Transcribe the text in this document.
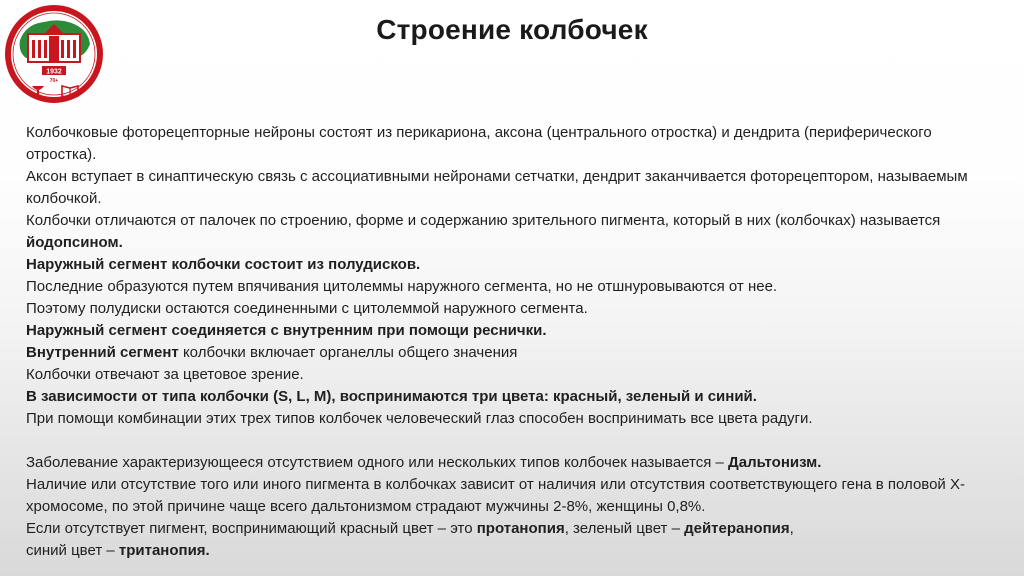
1932
70+
Строение колбочек

Колбочковые фоторецепторные нейроны состоят из перикариона, аксона (центрального отростка) и дендрита (периферического отростка).

Аксон вступает в синаптическую связь с ассоциативными нейронами сетчатки, дендрит заканчивается фоторецептором, называемым колбочкой.

Колбочки отличаются от палочек по строению, форме и содержанию зрительного пигмента, который в них (колбочках) называется йодопсином.

Наружный сегмент колбочки состоит из полудисков.

Последние образуются путем впячивания цитолеммы наружного сегмента, но не отшнуровываются от нее.

Поэтому полудиски остаются соединенными с цитолеммой наружного сегмента.

Наружный сегмент соединяется с внутренним при помощи реснички.

Внутренний сегмент колбочки включает органеллы общего значения

Колбочки отвечают за цветовое зрение.

В зависимости от типа колбочки (S, L, M), воспринимаются три цвета: красный, зеленый и синий.

При помощи комбинации этих трех типов колбочек человеческий глаз способен воспринимать все цвета радуги.

Заболевание характеризующееся отсутствием одного или нескольких типов колбочек называется – Дальтонизм.

Наличие или отсутствие того или иного пигмента в колбочках зависит от наличия или отсутствия соответствующего гена в половой Х-хромосоме, по этой причине чаще всего дальтонизмом страдают мужчины 2-8%, женщины 0,8%.

Если отсутствует пигмент, воспринимающий красный цвет – это протанопия, зеленый цвет – дейтеранопия,

синий цвет – тританопия.
